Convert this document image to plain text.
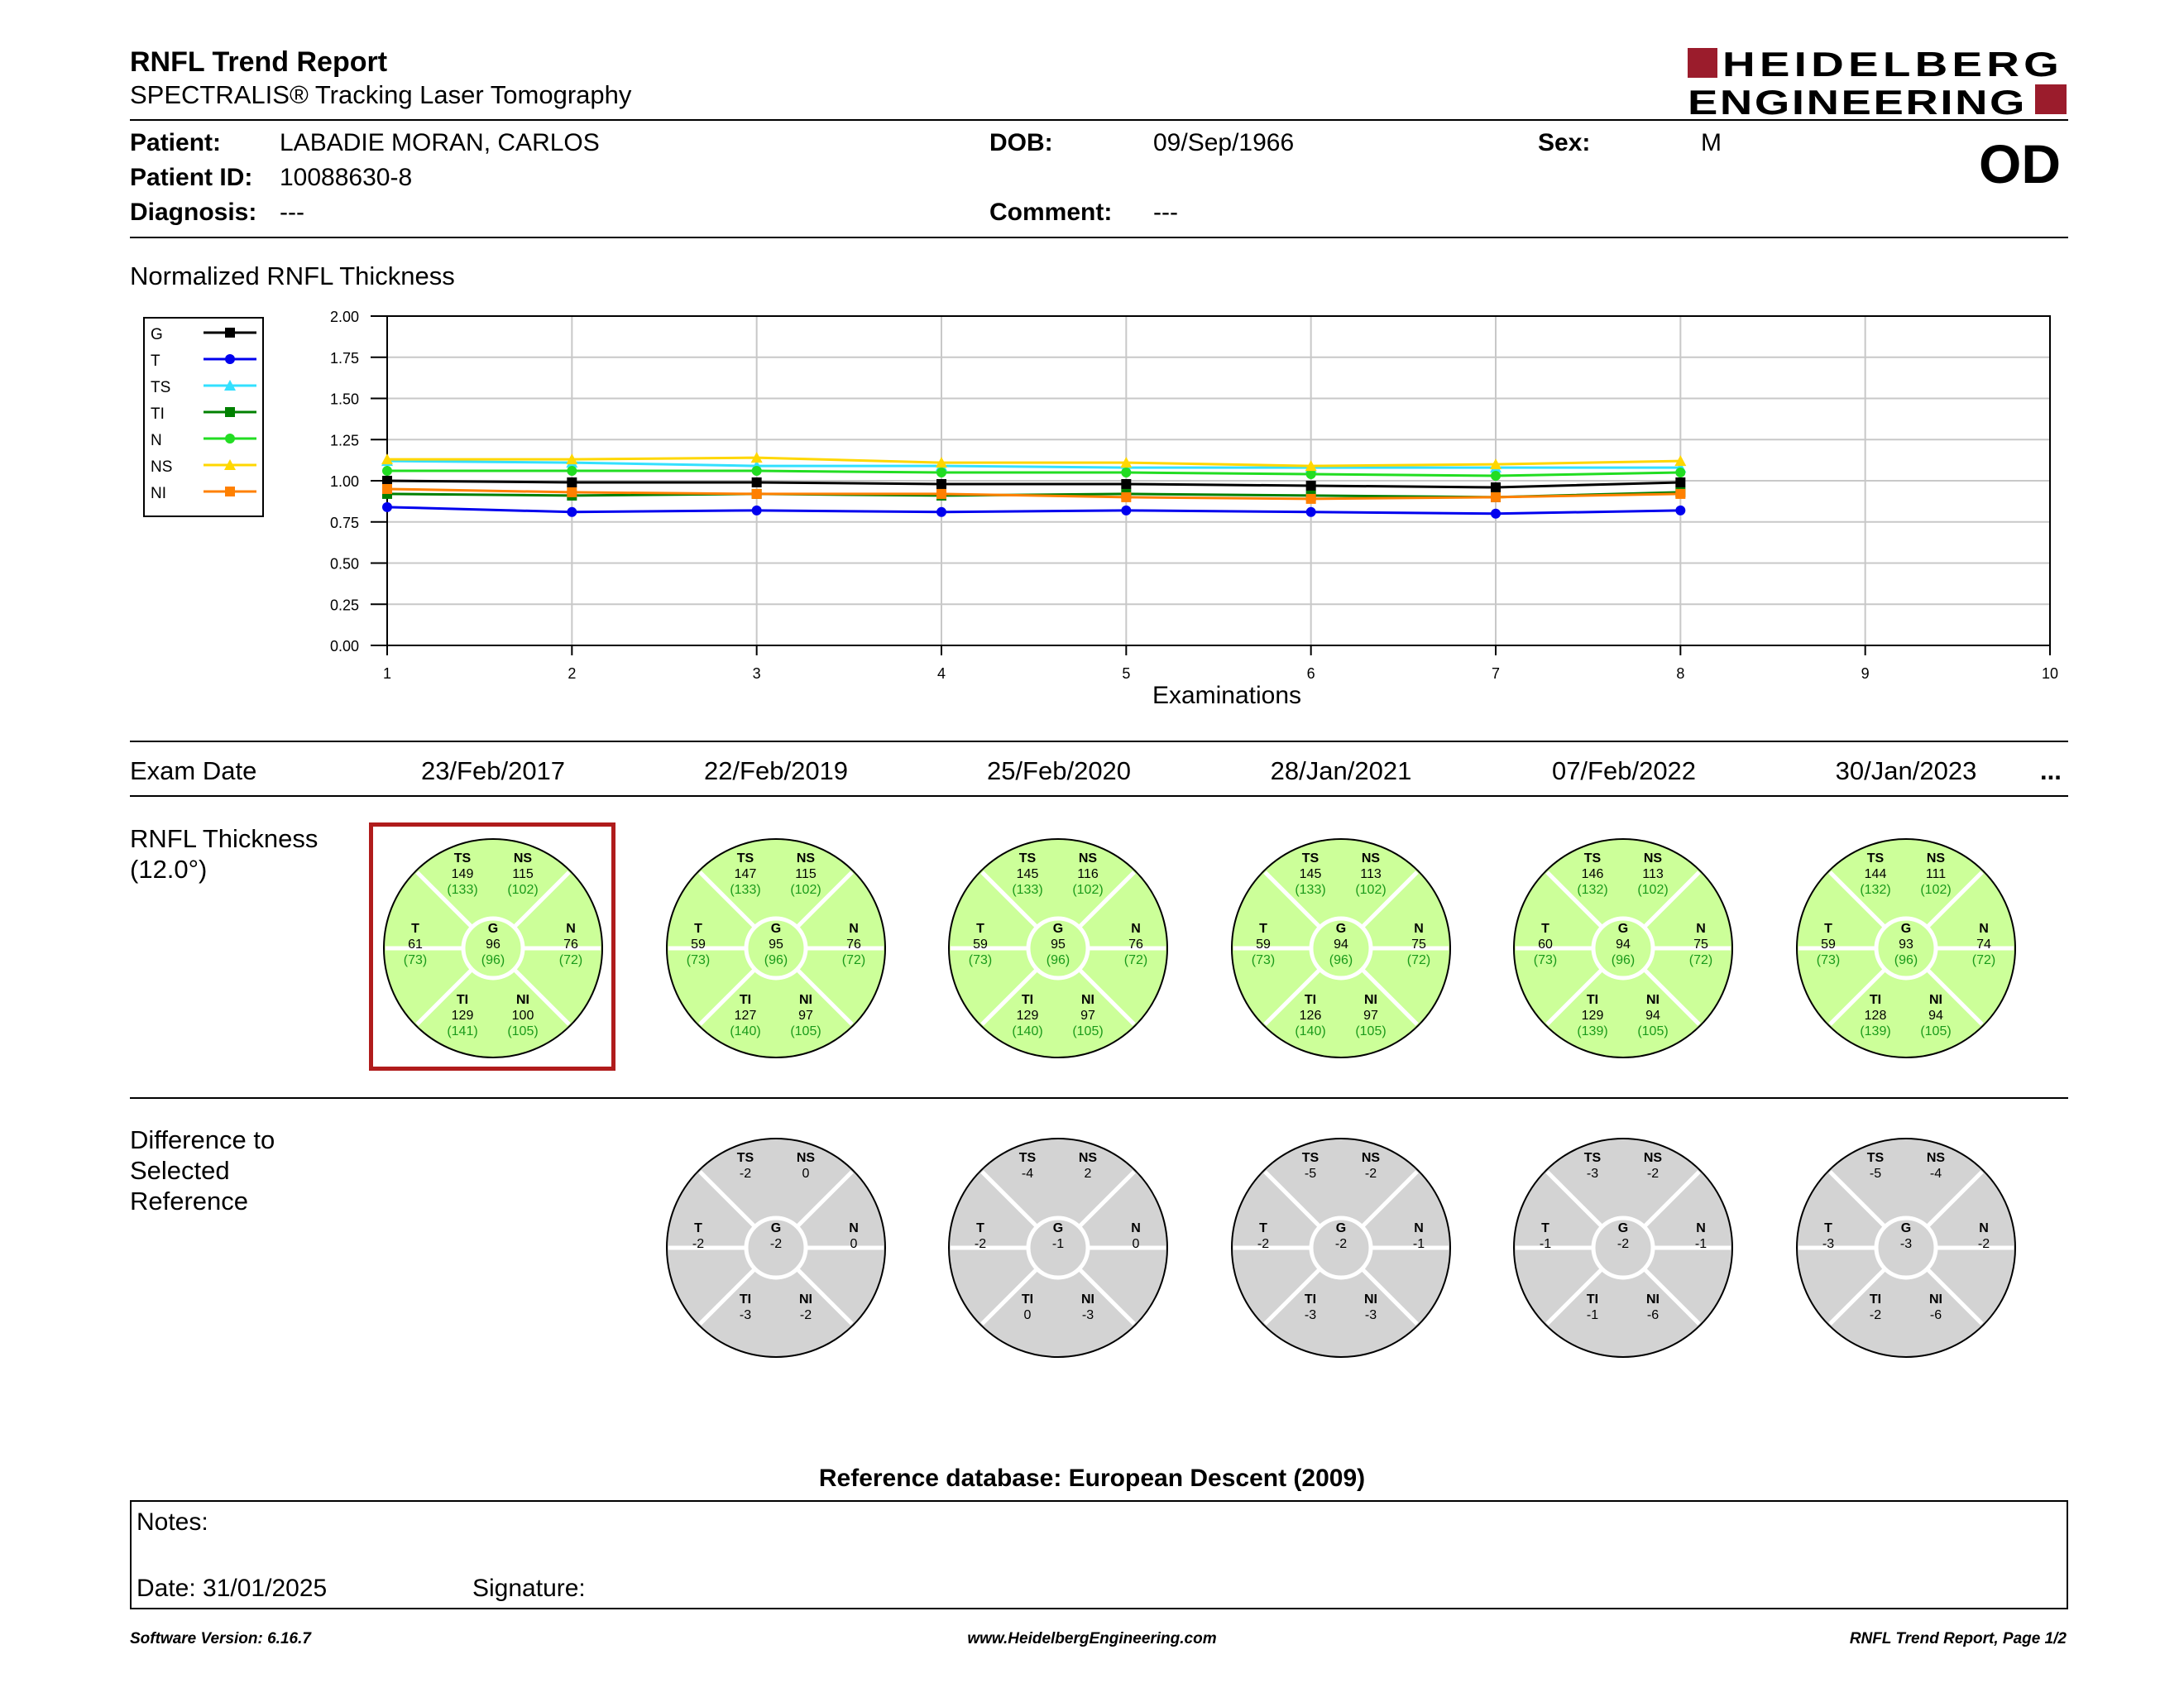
RNFL Trend Report
SPECTRALIS® Tracking Laser Tomography
HEIDELBERG
ENGINEERING
Patient: LABADIE MORAN, CARLOS	DOB:	09/Sep/1966	Sex:	M	OD
Patient ID: 10088630-8
Diagnosis: ---	Comment: ---
Normalized RNFL Thickness
G
T
TS
TI
N
NS
NI
2.00
1.75
1.50
1.25
1.00
0.75
0.50
0.25
0.00
1	2	3	4	5	6	7	8	9	10
Examinations
Exam Date	23/Feb/2017	22/Feb/2019	25/Feb/2020	28/Jan/2021	07/Feb/2022	30/Jan/2023	...
RNFL Thickness
(12.0°)
Difference to
Selected
Reference
TS
149
(133)
NS
115
(102)
T
61
(73)
G
96
(96)
N
76
(72)
TI
129
(141)
NI
100
(105)
TS
147
(133)
NS
115
(102)
T
59
(73)
G
95
(96)
N
76
(72)
TI
127
(140)
NI
97
(105)
TS
145
(133)
NS
116
(102)
T
59
(73)
G
95
(96)
N
76
(72)
TI
129
(140)
NI
97
(105)
TS
145
(133)
NS
113
(102)
T
59
(73)
G
94
(96)
N
75
(72)
TI
126
(140)
NI
97
(105)
TS
146
(132)
NS
113
(102)
T
60
(73)
G
94
(96)
N
75
(72)
TI
129
(139)
NI
94
(105)
TS
144
(132)
NS
111
(102)
T
59
(73)
G
93
(96)
N
74
(72)
TI
128
(139)
NI
94
(105)
TS
-2
NS
0
T
-2
G
-2
N
0
TI
-3
NI
-2
TS
-4
NS
2
T
-2
G
-1
N
0
TI
0
NI
-3
TS
-5
NS
-2
T
-2
G
-2
N
-1
TI
-3
NI
-3
TS
-3
NS
-2
T
-1
G
-2
N
-1
TI
-1
NI
-6
TS
-5
NS
-4
T
-3
G
-3
N
-2
TI
-2
NI
-6
Reference database: European Descent (2009)
Notes:
Date: 31/01/2025	Signature:
Software Version: 6.16.7	www.HeidelbergEngineering.com	RNFL Trend Report, Page 1/2
